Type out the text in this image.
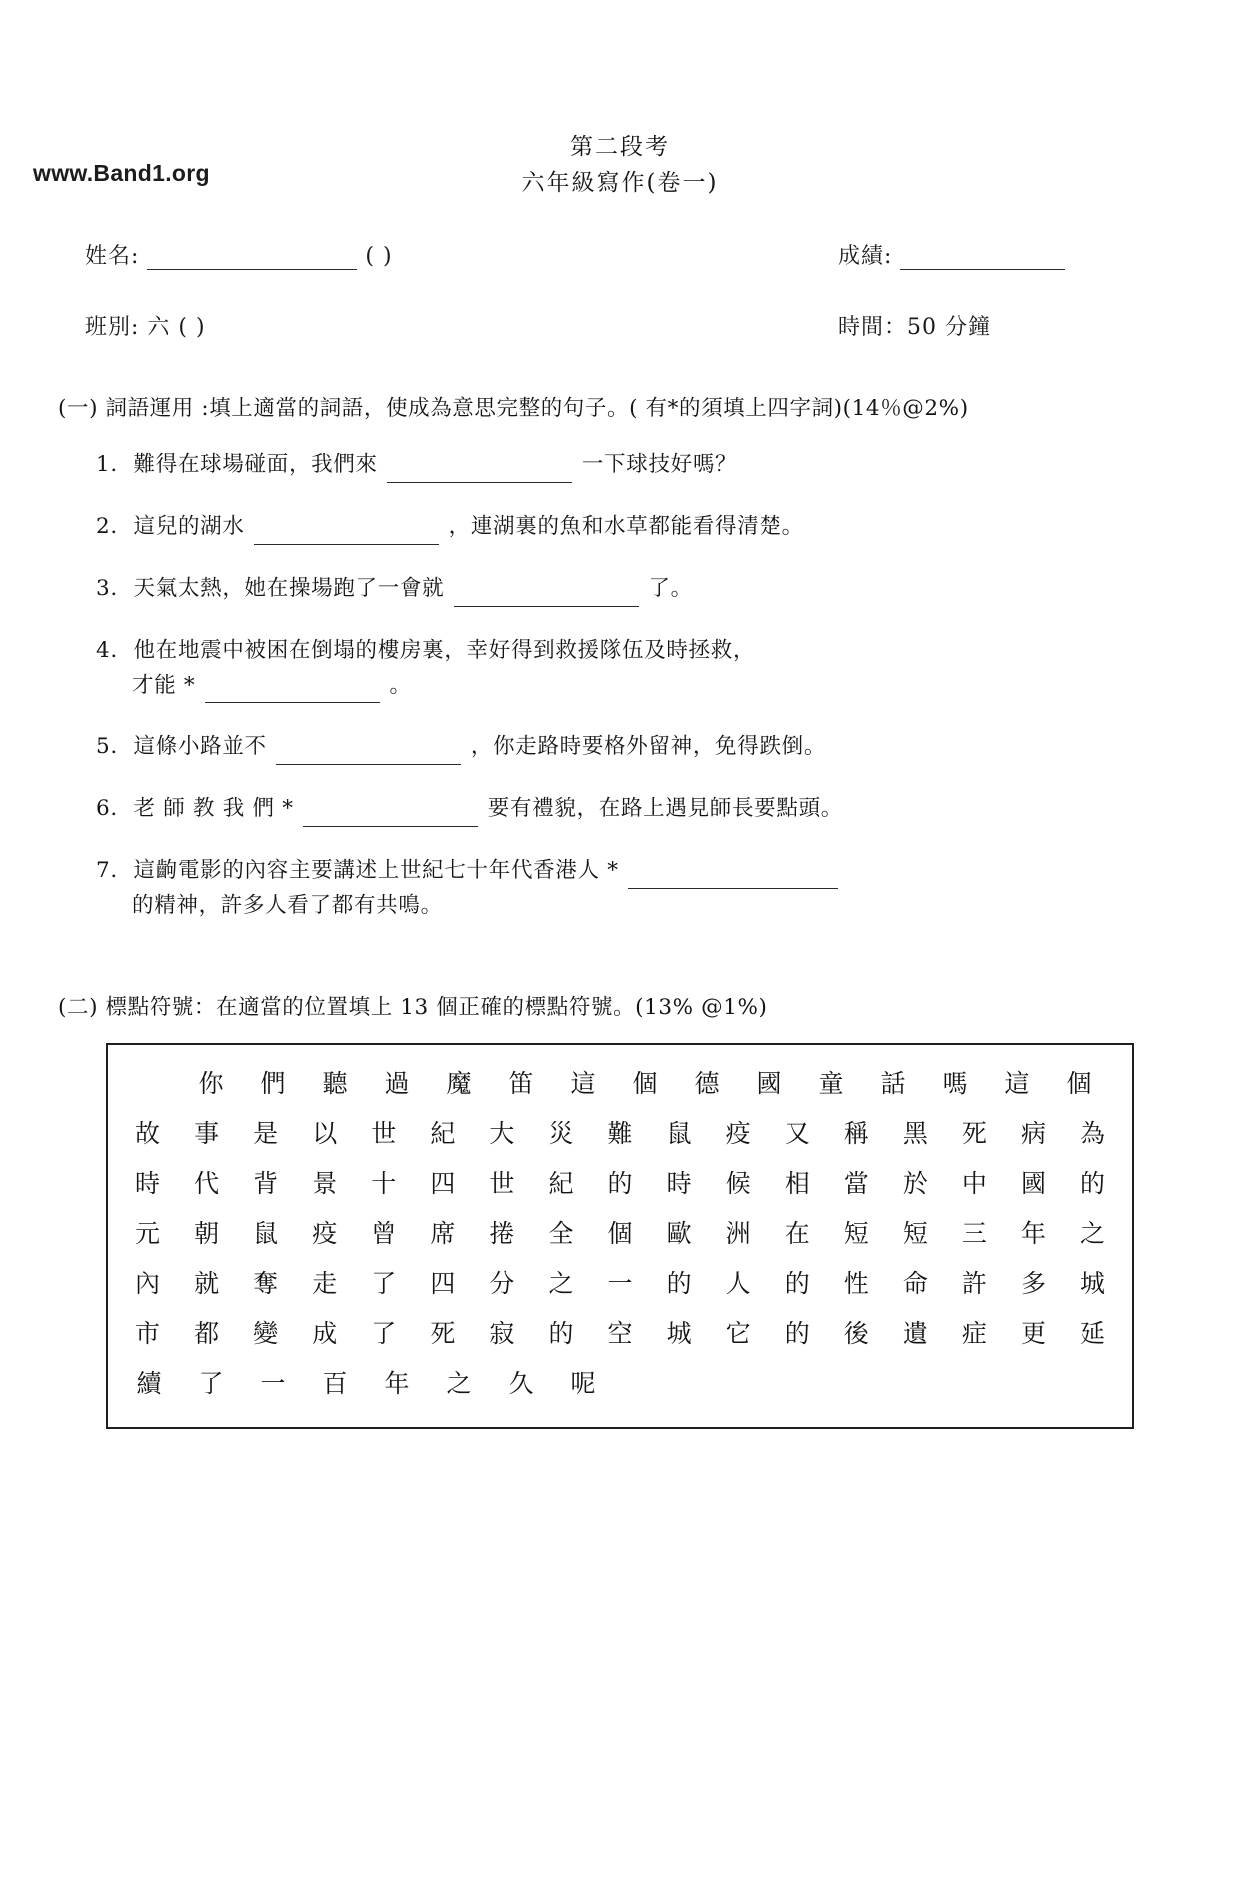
www.Band1.org
第二段考
六年級寫作(卷一)
姓名:	( )
班別: 六 ( )
成績:
時間：50 分鐘
(一) 詞語運用 :填上適當的詞語，使成為意思完整的句子。( 有*的須填上四字詞)(14％@2%)
1. 難得在球場碰面，我們來	一下球技好嗎？
2. 這兒的湖水	，連湖裏的魚和水草都能看得清楚。
3. 天氣太熱，她在操場跑了一會就	了。
4. 他在地震中被困在倒塌的樓房裏，幸好得到救援隊伍及時拯救，
才能 *	。
5. 這條小路並不	，你走路時要格外留神，免得跌倒。
6. 老 師 教 我 們 *	要有禮貌，在路上遇見師長要點頭。
7. 這齣電影的內容主要講述上世紀七十年代香港人 *
的精神，許多人看了都有共鳴。
(二) 標點符號：在適當的位置填上 13 個正確的標點符號。(13% @1%)
你	們	聽	過	魔	笛	這	個	德	國	童	話	嗎	這	個
故	事	是	以	世	紀	大	災	難	鼠	疫	又	稱	黑	死	病	為
時	代	背	景	十	四	世	紀	的	時	候	相	當	於	中	國	的
元	朝	鼠	疫	曾	席	捲	全	個	歐	洲	在	短	短	三	年	之
內	就	奪	走	了	四	分	之	一	的	人	的	性	命	許	多	城
市	都	變	成	了	死	寂	的	空	城	它	的	後	遺	症	更	延
續	了	一	百	年	之	久	呢
